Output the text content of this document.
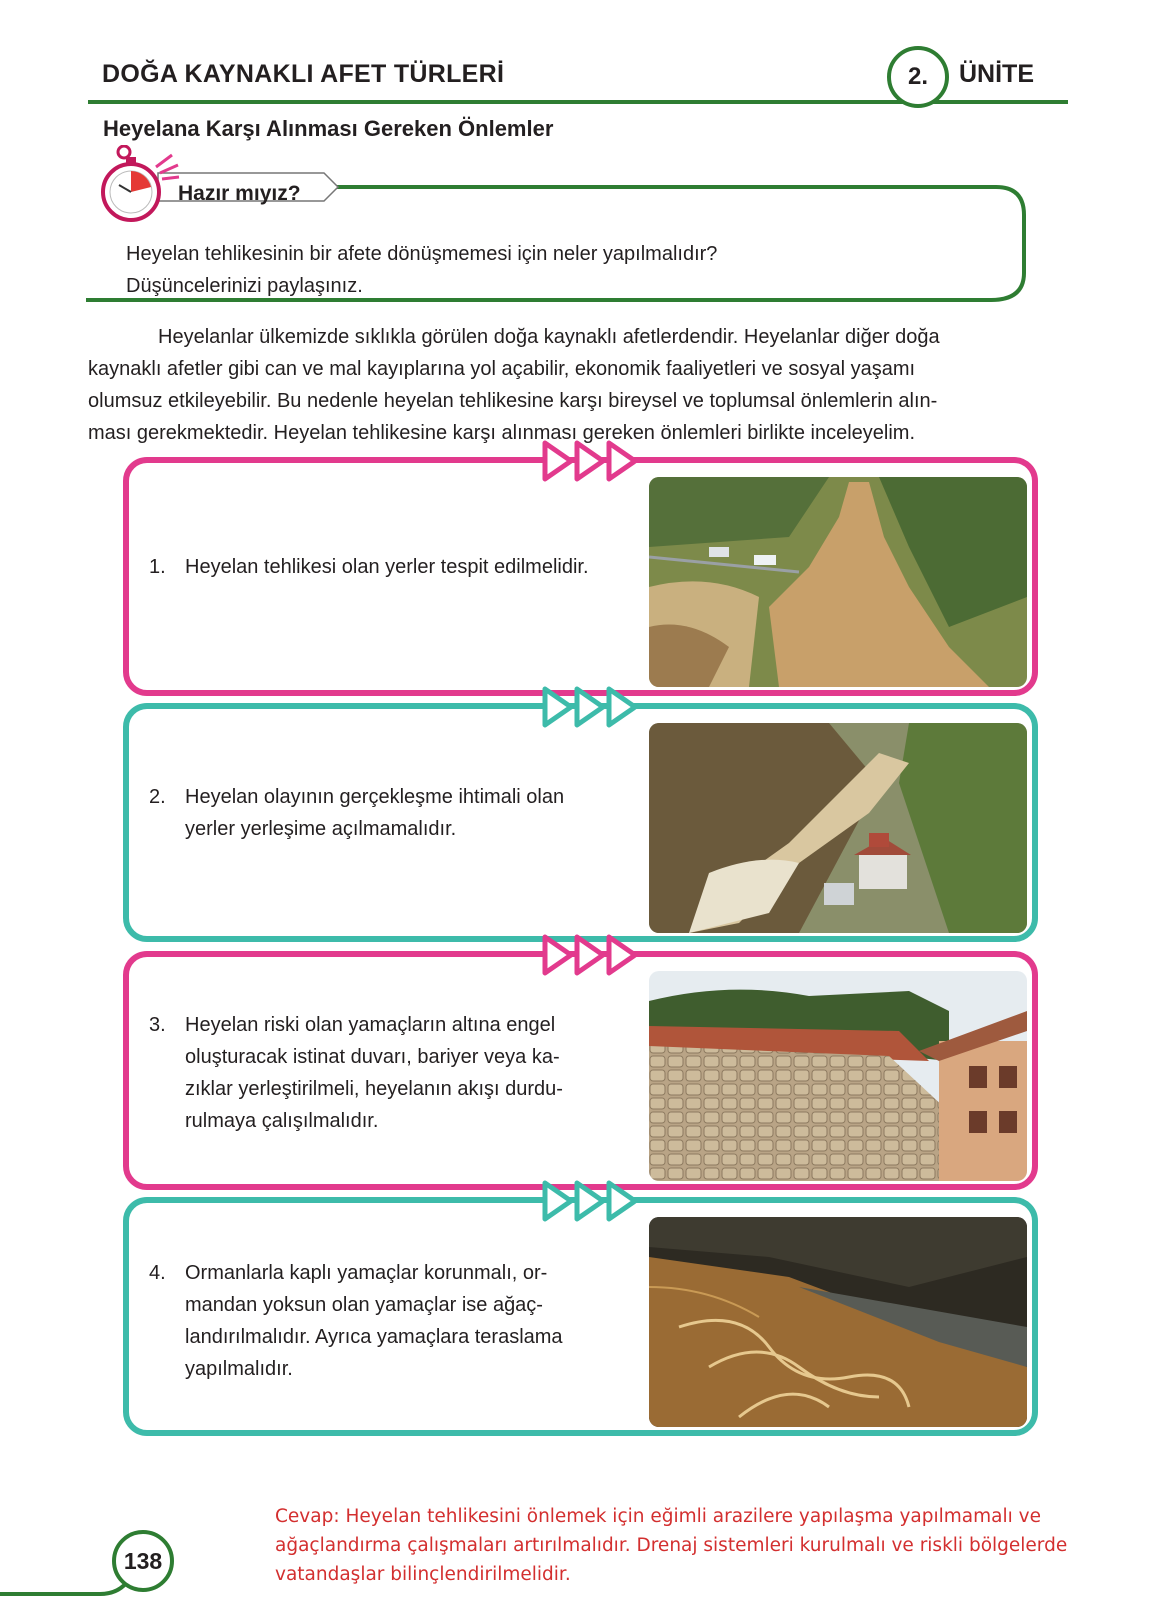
DOĞA KAYNAKLI AFET TÜRLERİ	2.	ÜNİTE
Heyelana Karşı Alınması Gereken Önlemler
Hazır mıyız?
Heyelan tehlikesinin bir afete dönüşmemesi için neler yapılmalıdır?
Düşüncelerinizi paylaşınız.
Heyelanlar ülkemizde sıklıkla görülen doğa kaynaklı afetlerdendir. Heyelanlar diğer doğa
kaynaklı afetler gibi can ve mal kayıplarına yol açabilir, ekonomik faaliyetleri ve sosyal yaşamı
olumsuz etkileyebilir. Bu nedenle heyelan tehlikesine karşı bireysel ve toplumsal önlemlerin alın-
ması gerekmektedir. Heyelan tehlikesine karşı alınması gereken önlemleri birlikte inceleyelim.
1. Heyelan tehlikesi olan yerler tespit edilmelidir.
2. Heyelan olayının gerçekleşme ihtimali olan
yerler yerleşime açılmamalıdır.
3. Heyelan riski olan yamaçların altına engel
oluşturacak istinat duvarı, bariyer veya ka-
zıklar yerleştirilmeli, heyelanın akışı durdu-
rulmaya çalışılmalıdır.
4. Ormanlarla kaplı yamaçlar korunmalı, or-
mandan yoksun olan yamaçlar ise ağaç-
landırılmalıdır. Ayrıca yamaçlara teraslama
yapılmalıdır.
Cevap: Heyelan tehlikesini önlemek için eğimli arazilere yapılaşma yapılmamalı ve
ağaçlandırma çalışmaları artırılmalıdır. Drenaj sistemleri kurulmalı ve riskli bölgelerde
vatandaşlar bilinçlendirilmelidir.
138
